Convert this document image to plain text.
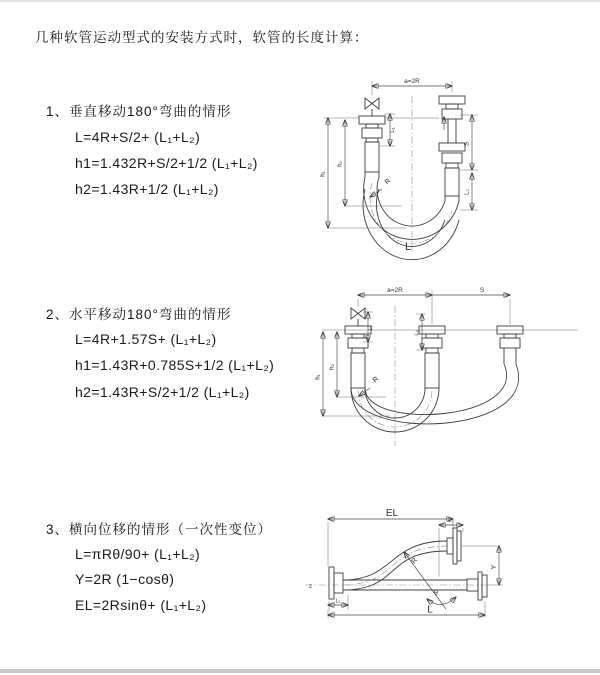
几种软管运动型式的安装方式时，软管的长度计算：
1、垂直移动180°弯曲的情形
L=4R+S/2+ (L₁+L₂)
h1=1.432R+S/2+1/2 (L₁+L₂)
h2=1.43R+1/2 (L₁+L₂)
2、水平移动180°弯曲的情形
L=4R+1.57S+ (L₁+L₂)
h1=1.43R+0.785S+1/2 (L₁+L₂)
h2=1.43R+S/2+1/2 (L₁+L₂)
3、横向位移的情形（一次性变位）
L=πRθ/90+ (L₁+L₂)
Y=2R (1−cosθ)
EL=2Rsinθ+ (L₁+L₂)
a=2R
S
L₂
L₁
h₁
h₂
R
L
a=2R	S
L₁
L₂
h₁
h₂
R
EL
L₂
Y
z
R
θ
L₁
L
